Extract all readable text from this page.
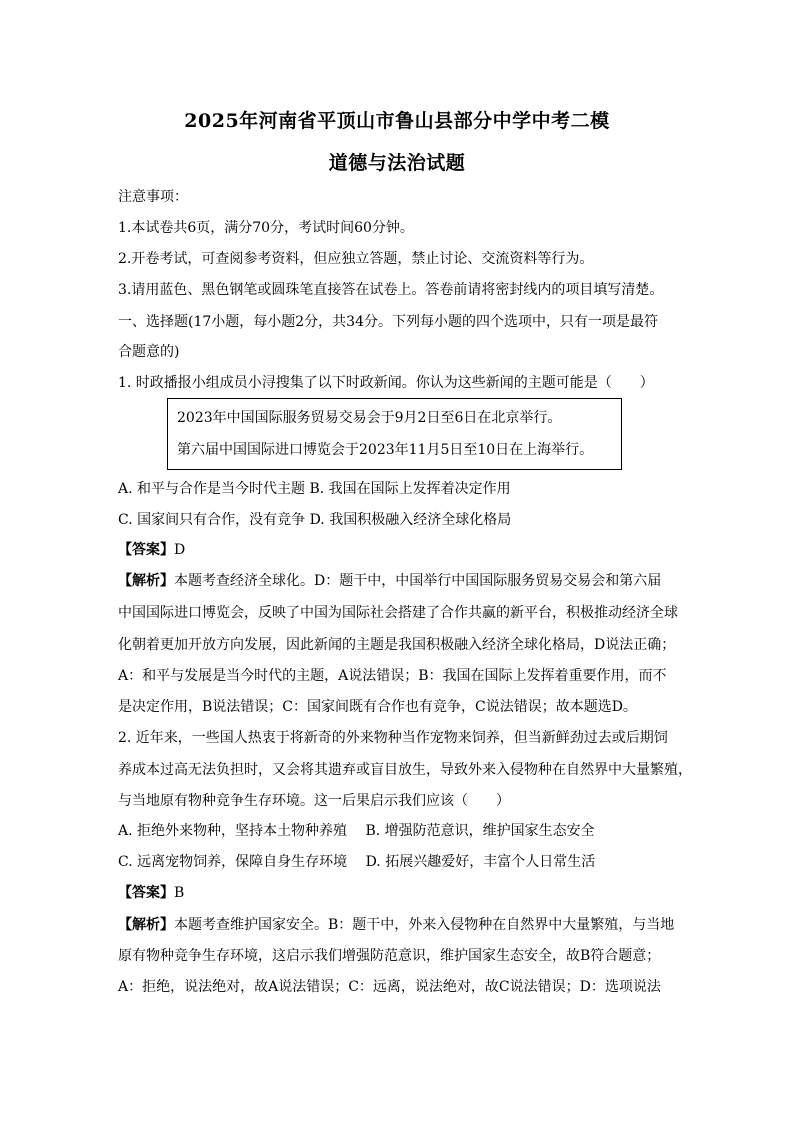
2025年河南省平顶山市鲁山县部分中学中考二模
道德与法治试题
注意事项：
1.本试卷共6页，满分70分，考试时间60分钟。
2.开卷考试，可查阅参考资料，但应独立答题，禁止讨论、交流资料等行为。
3.请用蓝色、黑色钢笔或圆珠笔直接答在试卷上。答卷前请将密封线内的项目填写清楚。
一、选择题(17小题，每小题2分，共34分。下列每小题的四个选项中，只有一项是最符
合题意的)
1. 时政播报小组成员小浔搜集了以下时政新闻。你认为这些新闻的主题可能是（　　）
2023年中国国际服务贸易交易会于9月2日至6日在北京举行。
第六届中国国际进口博览会于2023年11月5日至10日在上海举行。
A. 和平与合作是当今时代主题 B. 我国在国际上发挥着决定作用
C. 国家间只有合作，没有竞争 D. 我国积极融入经济全球化格局
【答案】D
【解析】本题考查经济全球化。D：题干中，中国举行中国国际服务贸易交易会和第六届
中国国际进口博览会，反映了中国为国际社会搭建了合作共赢的新平台，积极推动经济全球
化朝着更加开放方向发展，因此新闻的主题是我国积极融入经济全球化格局，D说法正确；
A：和平与发展是当今时代的主题，A说法错误；B：我国在国际上发挥着重要作用，而不
是决定作用，B说法错误；C：国家间既有合作也有竞争，C说法错误；故本题选D。
2. 近年来，一些国人热衷于将新奇的外来物种当作宠物来饲养，但当新鲜劲过去或后期饲
养成本过高无法负担时，又会将其遗弃或盲目放生，导致外来入侵物种在自然界中大量繁殖，
与当地原有物种竞争生存环境。这一后果启示我们应该（　　）
A. 拒绝外来物种，坚持本土物种养殖 B. 增强防范意识，维护国家生态安全
C. 远离宠物饲养，保障自身生存环境 D. 拓展兴趣爱好，丰富个人日常生活
【答案】B
【解析】本题考查维护国家安全。B：题干中，外来入侵物种在自然界中大量繁殖，与当地
原有物种竞争生存环境，这启示我们增强防范意识，维护国家生态安全，故B符合题意；
A：拒绝，说法绝对，故A说法错误；C：远离，说法绝对，故C说法错误；D：选项说法
